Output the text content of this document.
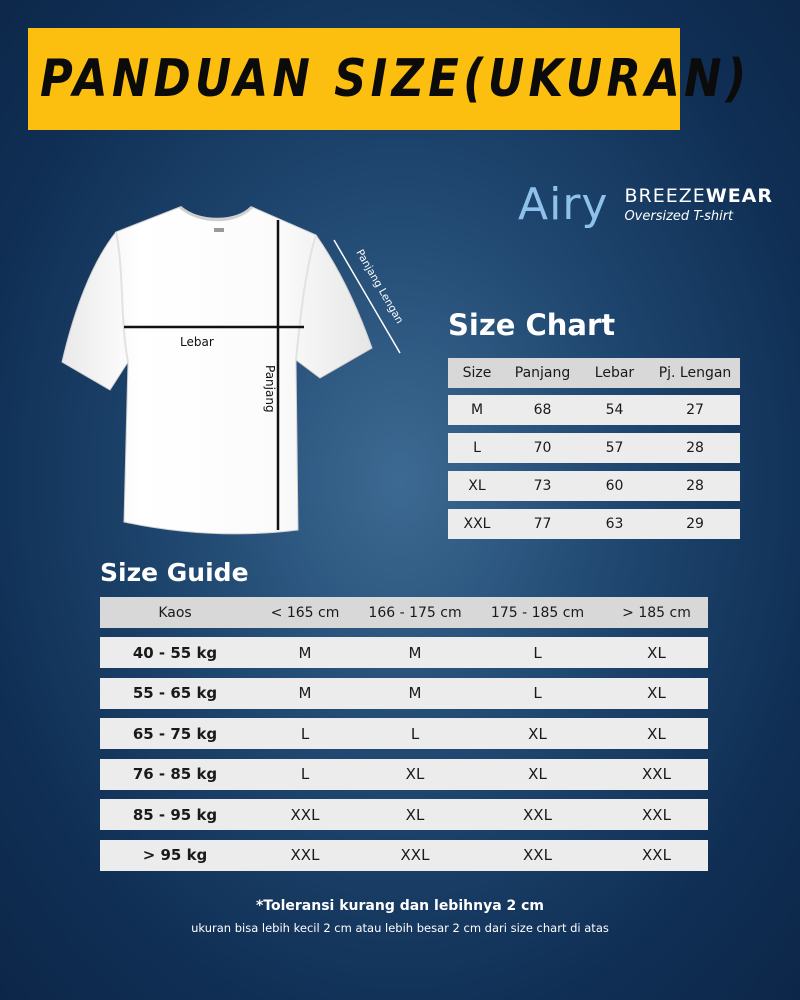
PANDUAN SIZE(UKURAN)
Airy BREEZEWEAR
Oversized T-shirt
Lebar
Panjang
Panjang Lengan Size Chart
Size	Panjang	Lebar	Pj. Lengan
M	68	54	27
L	70	57	28
XL	73	60	28
XXL	77	63	29
Size Guide
Kaos	< 165 cm	166 - 175 cm	175 - 185 cm	> 185 cm
40 - 55 kg	M	M	L	XL
55 - 65 kg	M	M	L	XL
65 - 75 kg	L	L	XL	XL
76 - 85 kg	L	XL	XL	XXL
85 - 95 kg	XXL	XL	XXL	XXL
> 95 kg	XXL	XXL	XXL	XXL
*Toleransi kurang dan lebihnya 2 cm
ukuran bisa lebih kecil 2 cm atau lebih besar 2 cm dari size chart di atas
